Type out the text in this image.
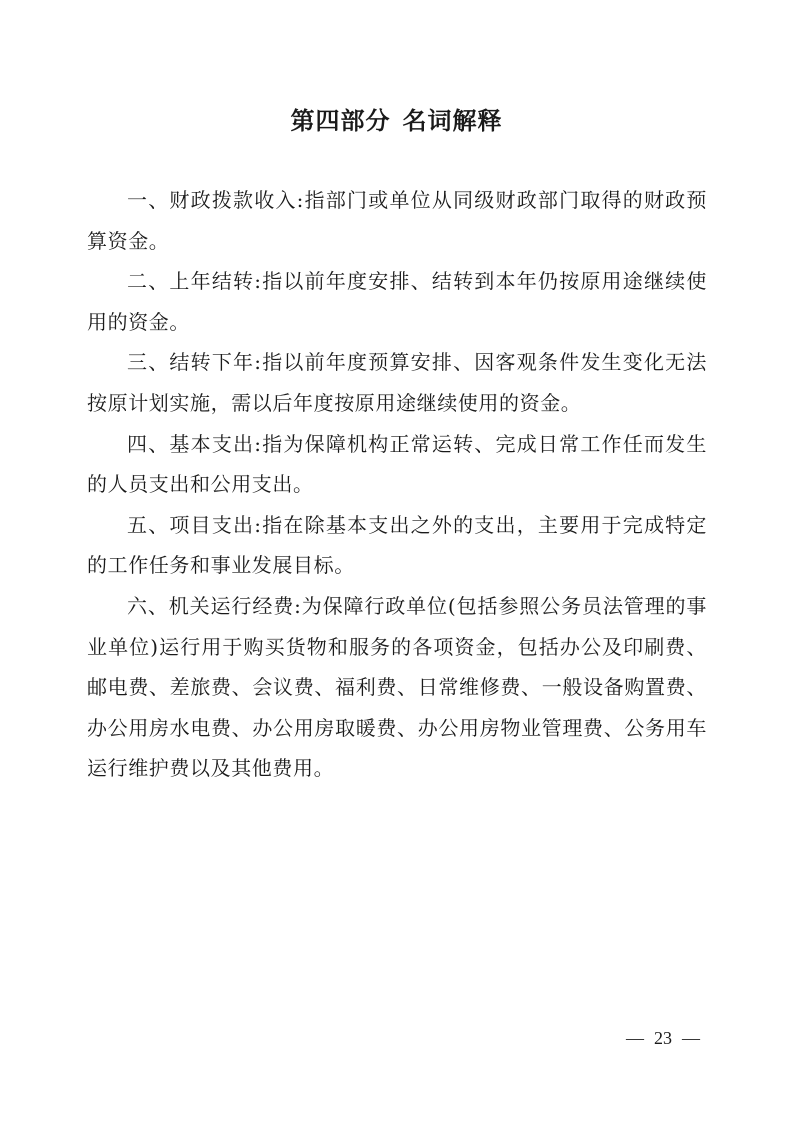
第四部分 名词解释

一、财政拨款收入:指部门或单位从同级财政部门取得的财政预算资金。

二、上年结转:指以前年度安排、结转到本年仍按原用途继续使用的资金。

三、结转下年:指以前年度预算安排、因客观条件发生变化无法按原计划实施，需以后年度按原用途继续使用的资金。

四、基本支出:指为保障机构正常运转、完成日常工作任而发生的人员支出和公用支出。

五、项目支出:指在除基本支出之外的支出，主要用于完成特定的工作任务和事业发展目标。

六、机关运行经费:为保障行政单位(包括参照公务员法管理的事业单位)运行用于购买货物和服务的各项资金，包括办公及印刷费、邮电费、差旅费、会议费、福利费、日常维修费、一般设备购置费、办公用房水电费、办公用房取暖费、办公用房物业管理费、公务用车运行维护费以及其他费用。

— 23 —
